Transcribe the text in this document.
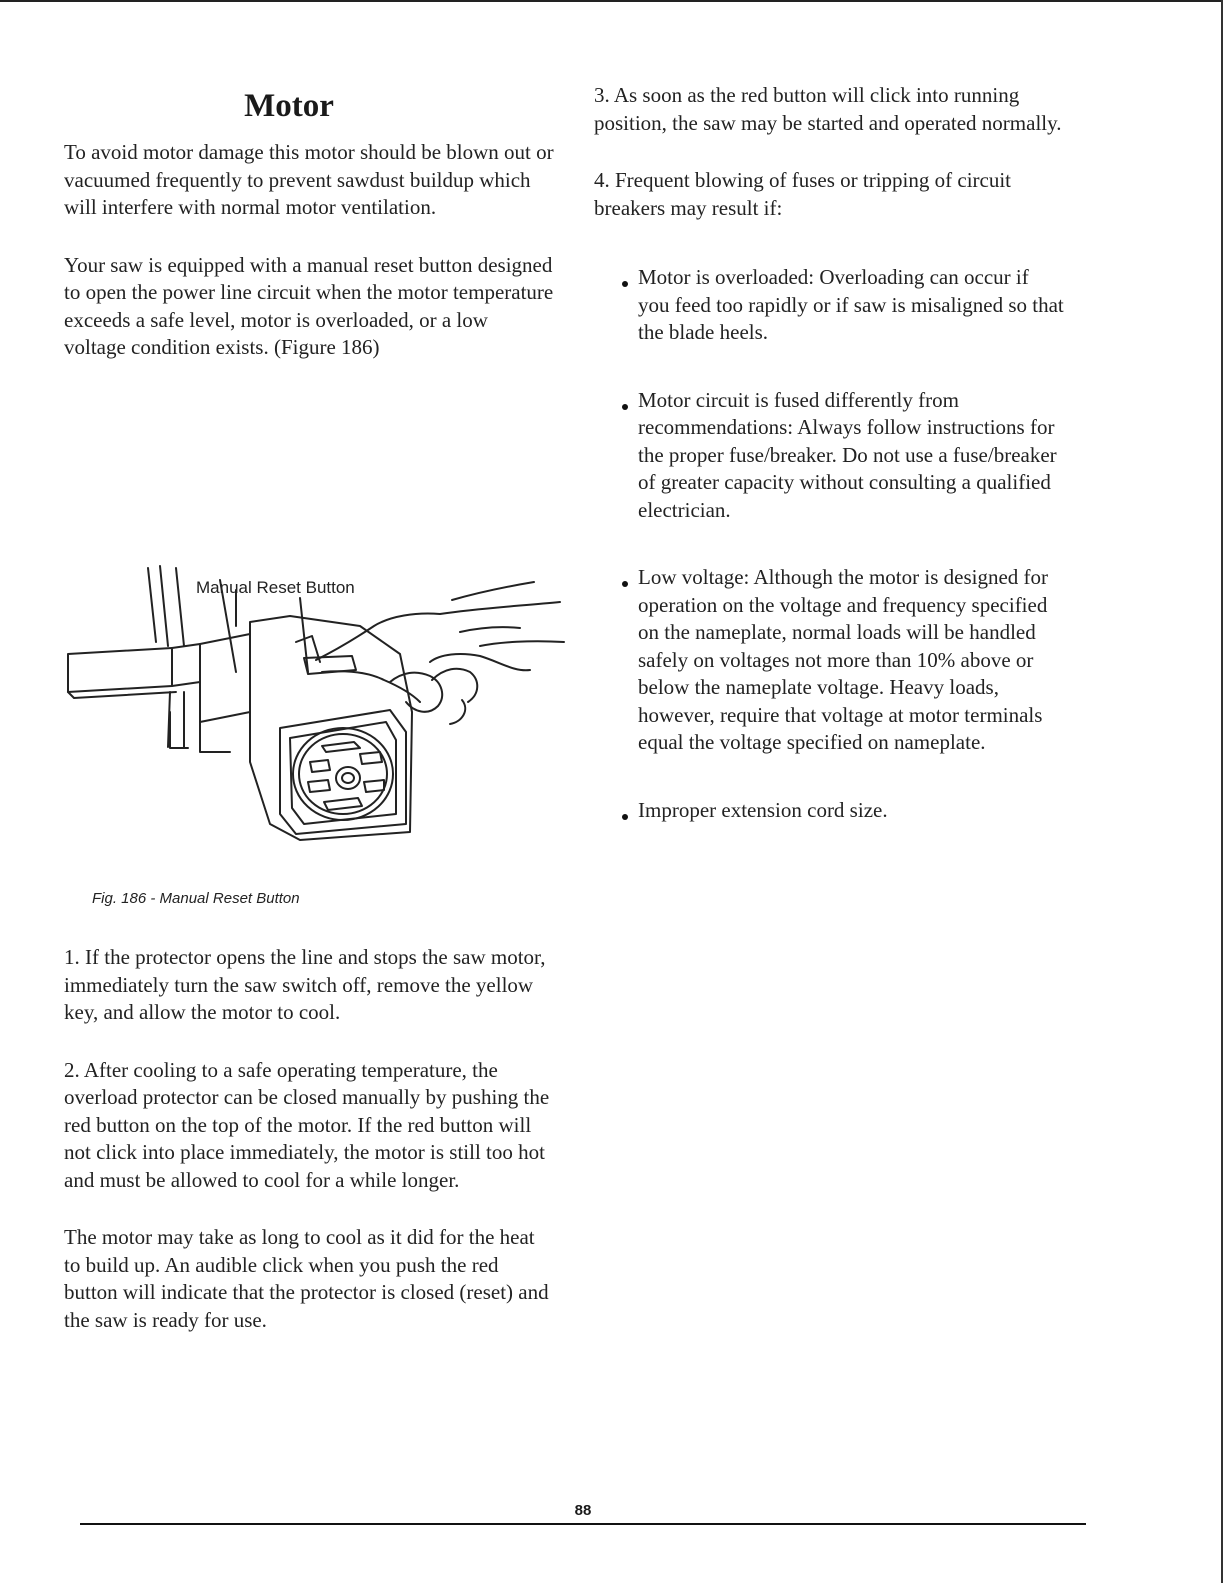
Motor

To avoid motor damage this motor should be blown out or vacuumed frequently to prevent sawdust buildup which will interfere with normal motor ventilation.

Your saw is equipped with a manual reset button designed to open the power line circuit when the motor temperature exceeds a safe level, motor is overloaded, or a low voltage condition exists. (Figure 186)

Manual Reset Button
Fig. 186 - Manual Reset Button

1. If the protector opens the line and stops the saw motor, immediately turn the saw switch off, remove the yellow key, and allow the motor to cool.

2. After cooling to a safe operating temperature, the overload protector can be closed manually by pushing the red button on the top of the motor. If the red button will not click into place immediately, the motor is still too hot and must be allowed to cool for a while longer.

The motor may take as long to cool as it did for the heat to build up. An audible click when you push the red button will indicate that the protector is closed (reset) and the saw is ready for use.

3. As soon as the red button will click into running position, the saw may be started and operated normally.

4. Frequent blowing of fuses or tripping of circuit breakers may result if:

Motor is overloaded: Overloading can occur if you feed too rapidly or if saw is misaligned so that the blade heels.
Motor circuit is fused differently from recommendations: Always follow instructions for the proper fuse/breaker. Do not use a fuse/breaker of greater capacity without consulting a qualified electrician.
Low voltage: Although the motor is designed for operation on the voltage and frequency specified on the nameplate, normal loads will be handled safely on voltages not more than 10% above or below the nameplate voltage. Heavy loads, however, require that voltage at motor terminals equal the voltage specified on nameplate.
Improper extension cord size.
88
